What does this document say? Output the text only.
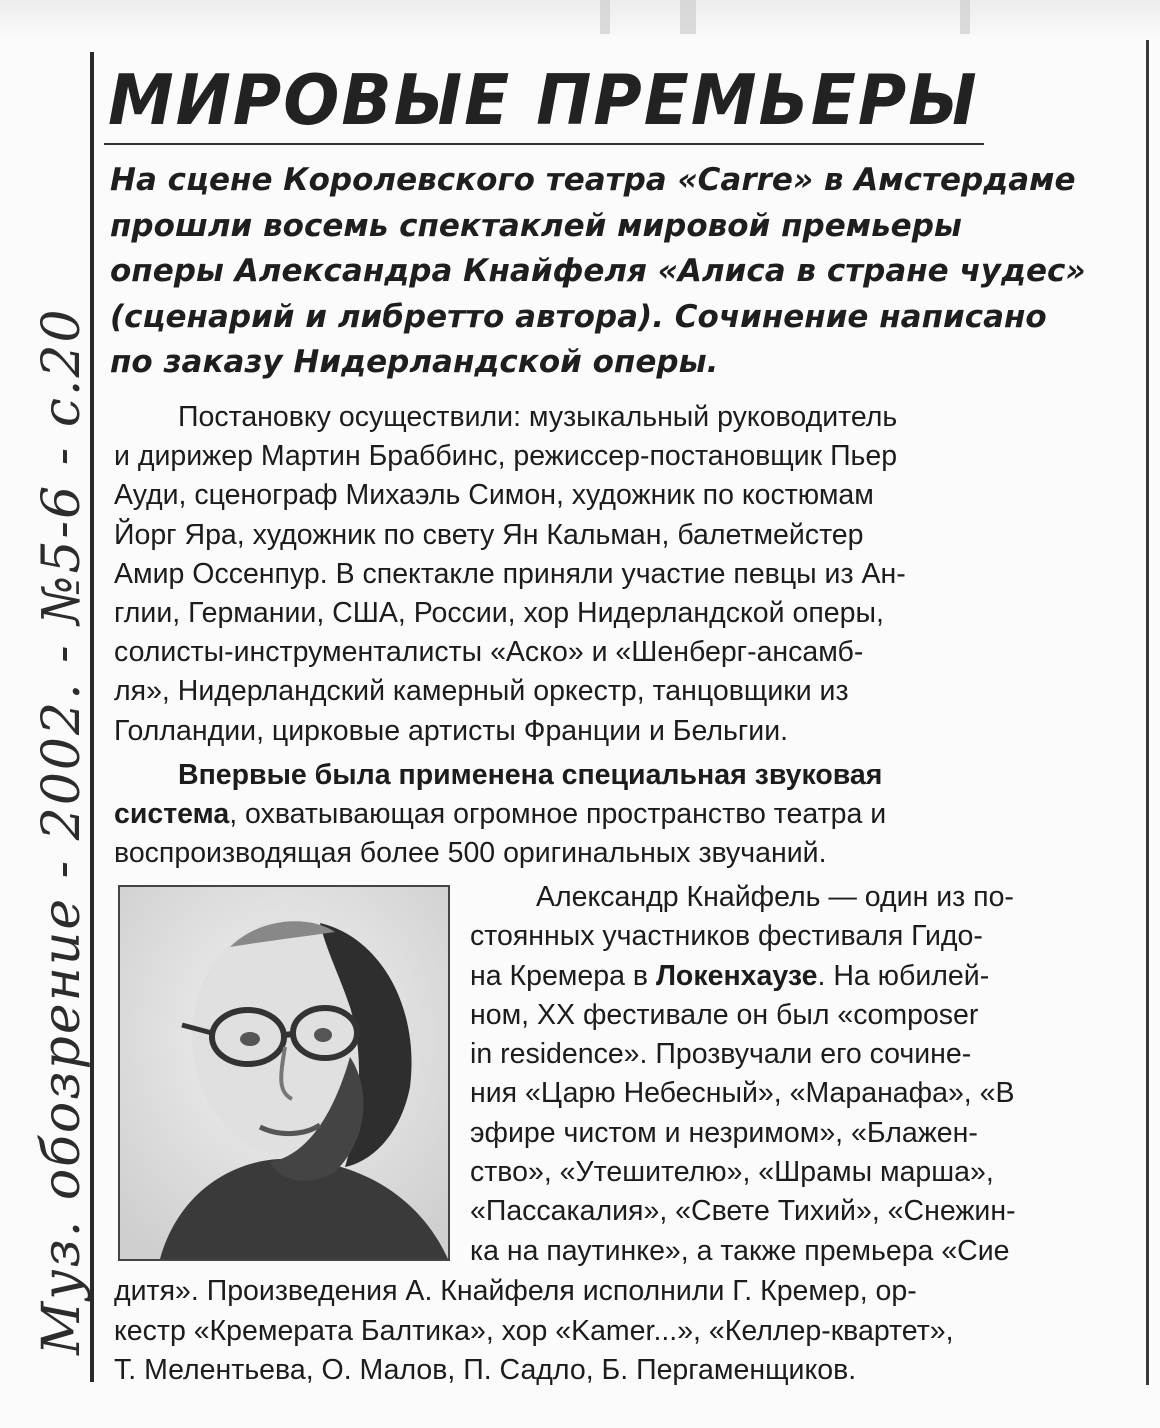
Муз. обозрение - 2002. - №5-6 - с.20
МИРОВЫЕ ПРЕМЬЕРЫ
На сцене Королевского театра «Carre» в Амстердаме
прошли восемь спектаклей мировой премьеры
оперы Александра Кнайфеля «Алиса в стране чудес»
(сценарий и либретто автора). Сочинение написано
по заказу Нидерландской оперы.
Постановку осуществили: музыкальный руководитель
и дирижер Мартин Браббинс, режиссер-постановщик Пьер
Ауди, сценограф Михаэль Симон, художник по костюмам
Йорг Яра, художник по свету Ян Кальман, балетмейстер
Амир Оссенпур. В спектакле приняли участие певцы из Ан-
глии, Германии, США, России, хор Нидерландской оперы,
солисты-инструменталисты «Аско» и «Шенберг-ансамб-
ля», Нидерландский камерный оркестр, танцовщики из
Голландии, цирковые артисты Франции и Бельгии.
Впервые была применена специальная звуковая
система, охватывающая огромное пространство театра и
воспроизводящая более 500 оригинальных звучаний.
Александр Кнайфель — один из по-
стоянных участников фестиваля Гидо-
на Кремера в Локенхаузе. На юбилей-
ном, XX фестивале он был «composer
in residence». Прозвучали его сочине-
ния «Царю Небесный», «Маранафа», «В
эфире чистом и незримом», «Блажен-
ство», «Утешителю», «Шрамы марша»,
«Пассакалия», «Свете Тихий», «Снежин-
ка на паутинке», а также премьера «Сие
дитя». Произведения А. Кнайфеля исполнили Г. Кремер, ор-
кестр «Кремерата Балтика», хор «Kamer...», «Келлер-квартет»,
Т. Мелентьева, О. Малов, П. Садло, Б. Пергаменщиков.
